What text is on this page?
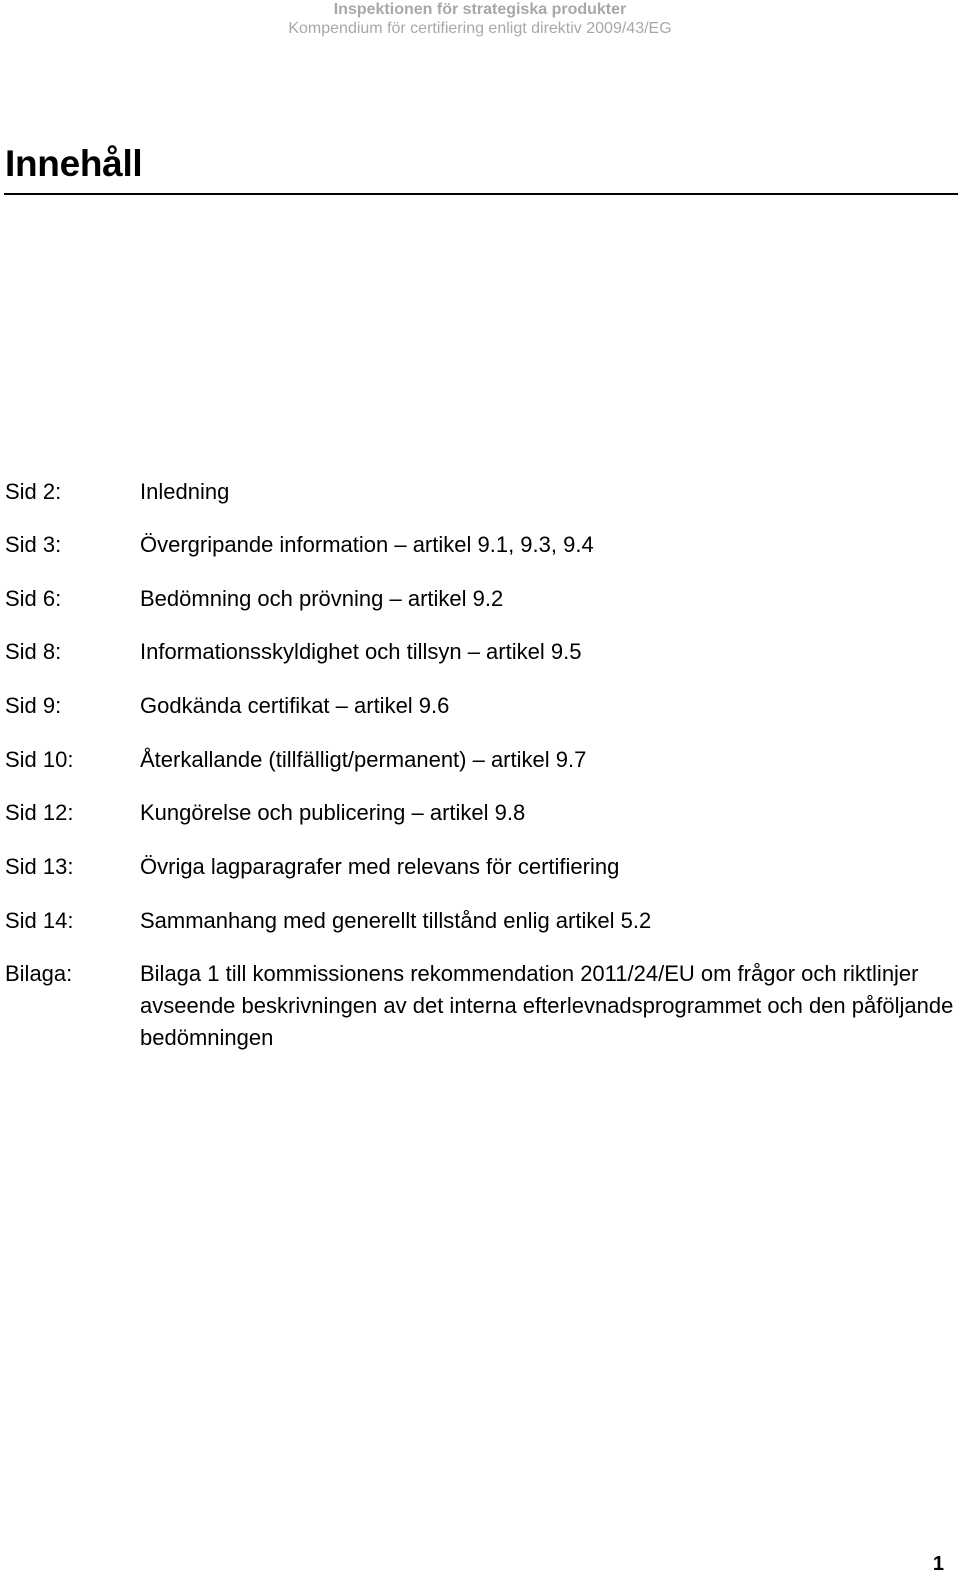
Inspektionen för strategiska produkter
Kompendium för certifiering enligt direktiv 2009/43/EG
Innehåll
Sid 2:	Inledning
Sid 3:	Övergripande information – artikel 9.1, 9.3, 9.4
Sid 6:	Bedömning och prövning – artikel 9.2
Sid 8:	Informationsskyldighet och tillsyn – artikel 9.5
Sid 9:	Godkända certifikat – artikel 9.6
Sid 10:	Återkallande (tillfälligt/permanent) – artikel 9.7
Sid 12:	Kungörelse och publicering – artikel 9.8
Sid 13:	Övriga lagparagrafer med relevans för certifiering
Sid 14:	Sammanhang med generellt tillstånd enlig artikel 5.2
Bilaga:	Bilaga 1 till kommissionens rekommendation 2011/24/EU om frågor och riktlinjer avseende beskrivningen av det interna efterlevnadsprogrammet och den påföljande bedömningen
1
